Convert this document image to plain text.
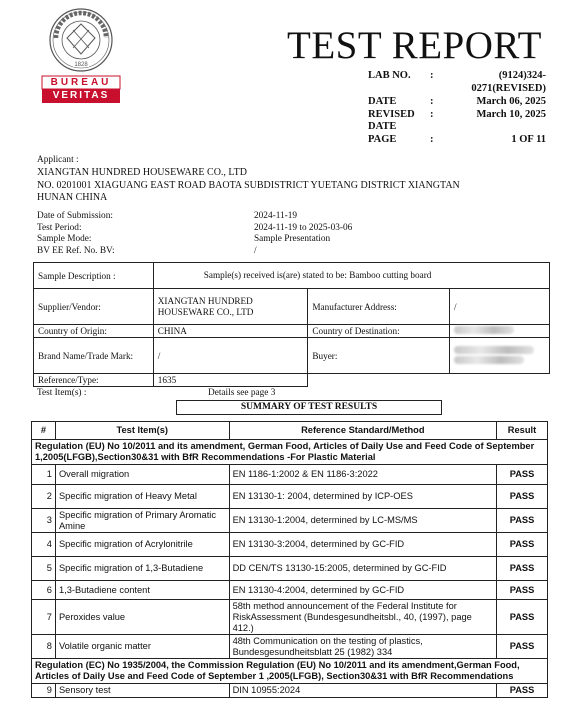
1828
BUREAU
VERITAS
TEST REPORT
LAB NO. :	(9124)324-
0271(REVISED)
DATE	:	March 06, 2025
REVISED :	March 10, 2025
DATE
PAGE	:	1 OF 11
Applicant :
XIANGTAN HUNDRED HOUSEWARE CO., LTD
NO. 0201001 XIAGUANG EAST ROAD BAOTA SUBDISTRICT YUETANG DISTRICT XIANGTAN
HUNAN CHINA
Date of Submission:	2024-11-19
Test Period:	2024-11-19 to 2025-03-06
Sample Mode:	Sample Presentation
BV EE Ref. No. BV:	/
Sample Description :	Sample(s) received is(are) stated to be: Bamboo cutting board		
Supplier/Vendor:	XIANGTAN HUNDRED HOUSEWARE CO., LTD	Manufacturer Address:	/
Country of Origin:	CHINA	Country of Destination:	
Brand Name/Trade Mark:	/	Buyer:	

Reference/Type:	1635		
Test Item(s) :	Details see page 3
SUMMARY OF TEST RESULTS
#	Test Item(s)	Reference Standard/Method	Result
Regulation (EU) No 10/2011 and its amendment, German Food, Articles of Daily Use and Feed Code of September 1,2005(LFGB),Section30&31 with BfR Recommendations -For Plastic Material			
1	Overall migration	EN 1186-1:2002 & EN 1186-3:2022	PASS
2	Specific migration of Heavy Metal	EN 13130-1: 2004, determined by ICP-OES	PASS
3	Specific migration of Primary Aromatic Amine	EN 13130-1:2004, determined by LC-MS/MS	PASS
4	Specific migration of Acrylonitrile	EN 13130-3:2004, determined by GC-FID	PASS
5	Specific migration of 1,3-Butadiene	DD CEN/TS 13130-15:2005, determined by GC-FID	PASS
6	1,3-Butadiene content	EN 13130-4:2004, determined by GC-FID	PASS
7	Peroxides value	58th method announcement of the Federal Institute for RiskAssessment (Bundesgesundheitsbl., 40, (1997), page 412.)	PASS
8	Volatile organic matter	48th Communication on the testing of plastics, Bundesgesundheitsblatt 25 (1982) 334	PASS
Regulation (EC) No 1935/2004, the Commission Regulation (EU) No 10/2011 and its amendment,German Food, Articles of Daily Use and Feed Code of September 1 ,2005(LFGB), Section30&31 with BfR Recommendations			
9	Sensory test	DIN 10955:2024	PASS
